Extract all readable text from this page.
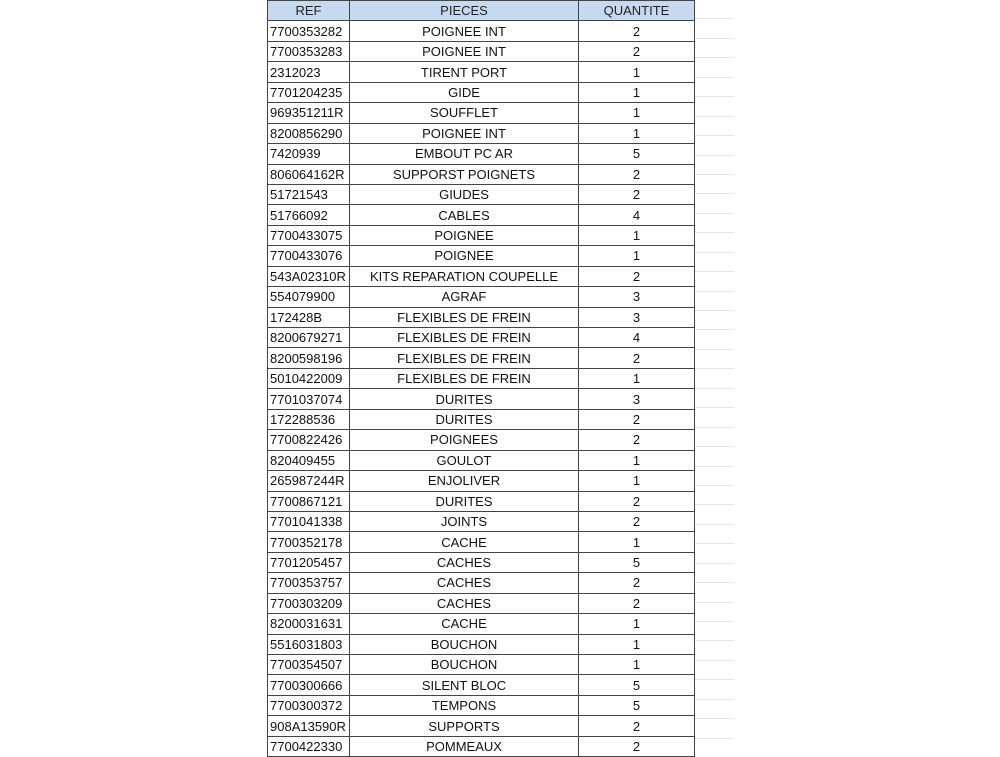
REF	PIECES	QUANTITE
7700353282	POIGNEE INT	2
7700353283	POIGNEE INT	2
2312023	TIRENT PORT	1
7701204235	GIDE	1
969351211R	SOUFFLET	1
8200856290	POIGNEE INT	1
7420939	EMBOUT PC AR	5
806064162R	SUPPORST POIGNETS	2
51721543	GIUDES	2
51766092	CABLES	4
7700433075	POIGNEE	1
7700433076	POIGNEE	1
543A02310R	KITS REPARATION COUPELLE	2
554079900	AGRAF	3
172428B	FLEXIBLES DE FREIN	3
8200679271	FLEXIBLES DE FREIN	4
8200598196	FLEXIBLES DE FREIN	2
5010422009	FLEXIBLES DE FREIN	1
7701037074	DURITES	3
172288536	DURITES	2
7700822426	POIGNEES	2
820409455	GOULOT	1
265987244R	ENJOLIVER	1
7700867121	DURITES	2
7701041338	JOINTS	2
7700352178	CACHE	1
7701205457	CACHES	5
7700353757	CACHES	2
7700303209	CACHES	2
8200031631	CACHE	1
5516031803	BOUCHON	1
7700354507	BOUCHON	1
7700300666	SILENT BLOC	5
7700300372	TEMPONS	5
908A13590R	SUPPORTS	2
7700422330	POMMEAUX	2
